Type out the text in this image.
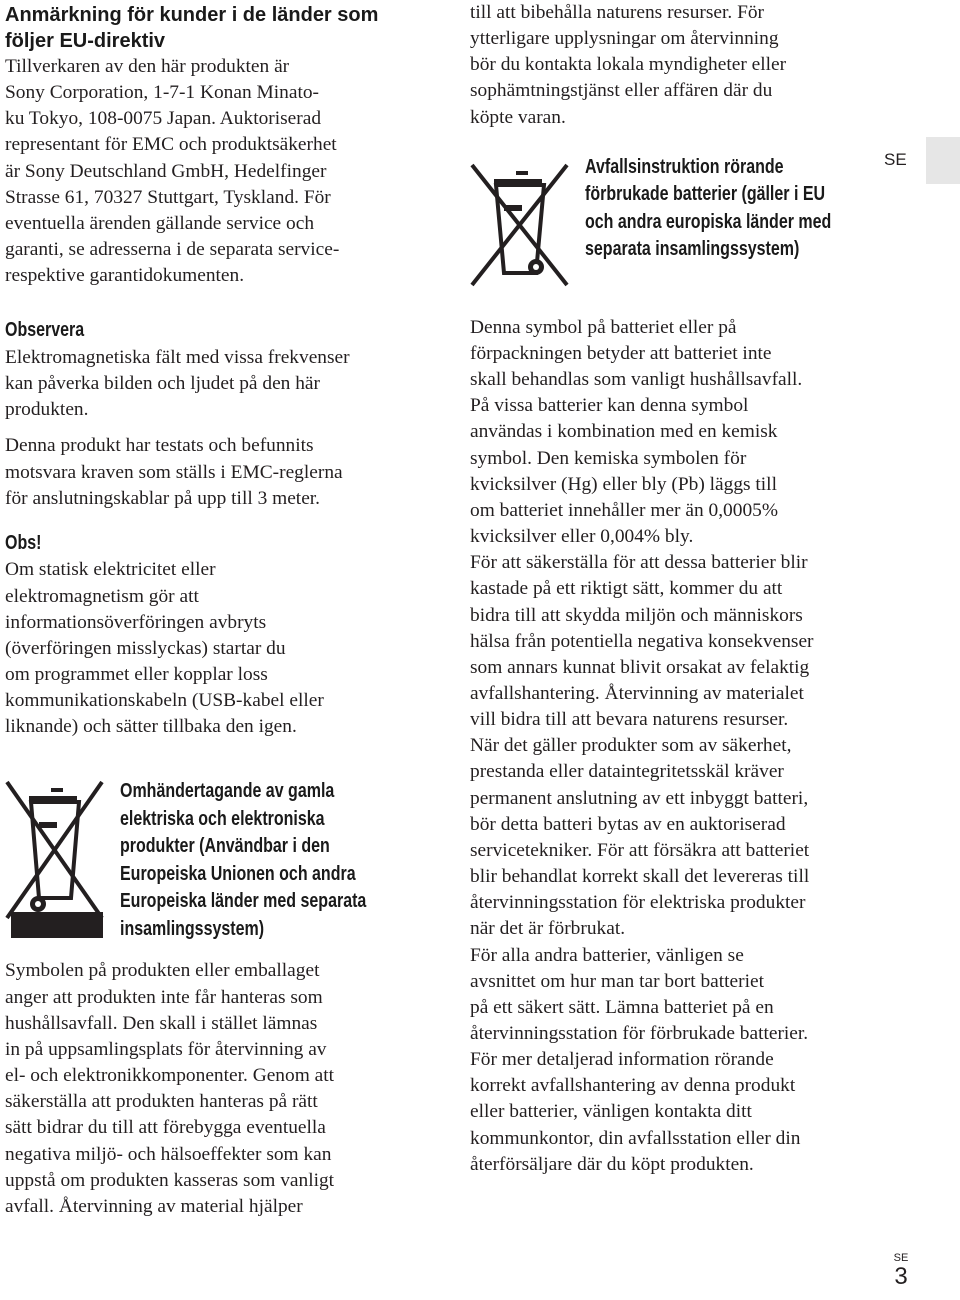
Anmärkning för kunder i de länder som
följer EU-direktiv
Tillverkaren av den här produkten är
Sony Corporation, 1-7-1 Konan Minato-
ku Tokyo, 108-0075 Japan. Auktoriserad
representant för EMC och produktsäkerhet
är Sony Deutschland GmbH, Hedelfinger
Strasse 61, 70327 Stuttgart, Tyskland. För
eventuella ärenden gällande service och
garanti, se adresserna i de separata service-
respektive garantidokumenten.
Observera
Elektromagnetiska fält med vissa frekvenser
kan påverka bilden och ljudet på den här
produkten.
Denna produkt har testats och befunnits
motsvara kraven som ställs i EMC-reglerna
för anslutningskablar på upp till 3 meter.
Obs!
Om statisk elektricitet eller
elektromagnetism gör att
informationsöverföringen avbryts
(överföringen misslyckas) startar du
om programmet eller kopplar loss
kommunikationskabeln (USB-kabel eller
liknande) och sätter tillbaka den igen.
Omhändertagande av gamla
elektriska och elektroniska
produkter (Användbar i den
Europeiska Unionen och andra
Europeiska länder med separata
insamlingssystem)
Symbolen på produkten eller emballaget
anger att produkten inte får hanteras som
hushållsavfall. Den skall i stället lämnas
in på uppsamlingsplats för återvinning av
el- och elektronikkomponenter. Genom att
säkerställa att produkten hanteras på rätt
sätt bidrar du till att förebygga eventuella
negativa miljö- och hälsoeffekter som kan
uppstå om produkten kasseras som vanligt
avfall. Återvinning av material hjälper
till att bibehålla naturens resurser. För
ytterligare upplysningar om återvinning
bör du kontakta lokala myndigheter eller
sophämtningstjänst eller affären där du
köpte varan.
Avfallsinstruktion rörande
förbrukade batterier (gäller i EU
och andra europiska länder med
separata insamlingssystem)
Denna symbol på batteriet eller på
förpackningen betyder att batteriet inte
skall behandlas som vanligt hushållsavfall.
På vissa batterier kan denna symbol
användas i kombination med en kemisk
symbol. Den kemiska symbolen för
kvicksilver (Hg) eller bly (Pb) läggs till
om batteriet innehåller mer än 0,0005%
kvicksilver eller 0,004% bly.
För att säkerställa för att dessa batterier blir
kastade på ett riktigt sätt, kommer du att
bidra till att skydda miljön och människors
hälsa från potentiella negativa konsekvenser
som annars kunnat blivit orsakat av felaktig
avfallshantering. Återvinning av materialet
vill bidra till att bevara naturens resurser.
När det gäller produkter som av säkerhet,
prestanda eller dataintegritetsskäl kräver
permanent anslutning av ett inbyggt batteri,
bör detta batteri bytas av en auktoriserad
servicetekniker. För att försäkra att batteriet
blir behandlat korrekt skall det levereras till
återvinningsstation för elektriska produkter
när det är förbrukat.
För alla andra batterier, vänligen se
avsnittet om hur man tar bort batteriet
på ett säkert sätt. Lämna batteriet på en
återvinningsstation för förbrukade batterier.
För mer detaljerad information rörande
korrekt avfallshantering av denna produkt
eller batterier, vänligen kontakta ditt
kommunkontor, din avfallsstation eller din
återförsäljare där du köpt produkten.
SE
SE
3
